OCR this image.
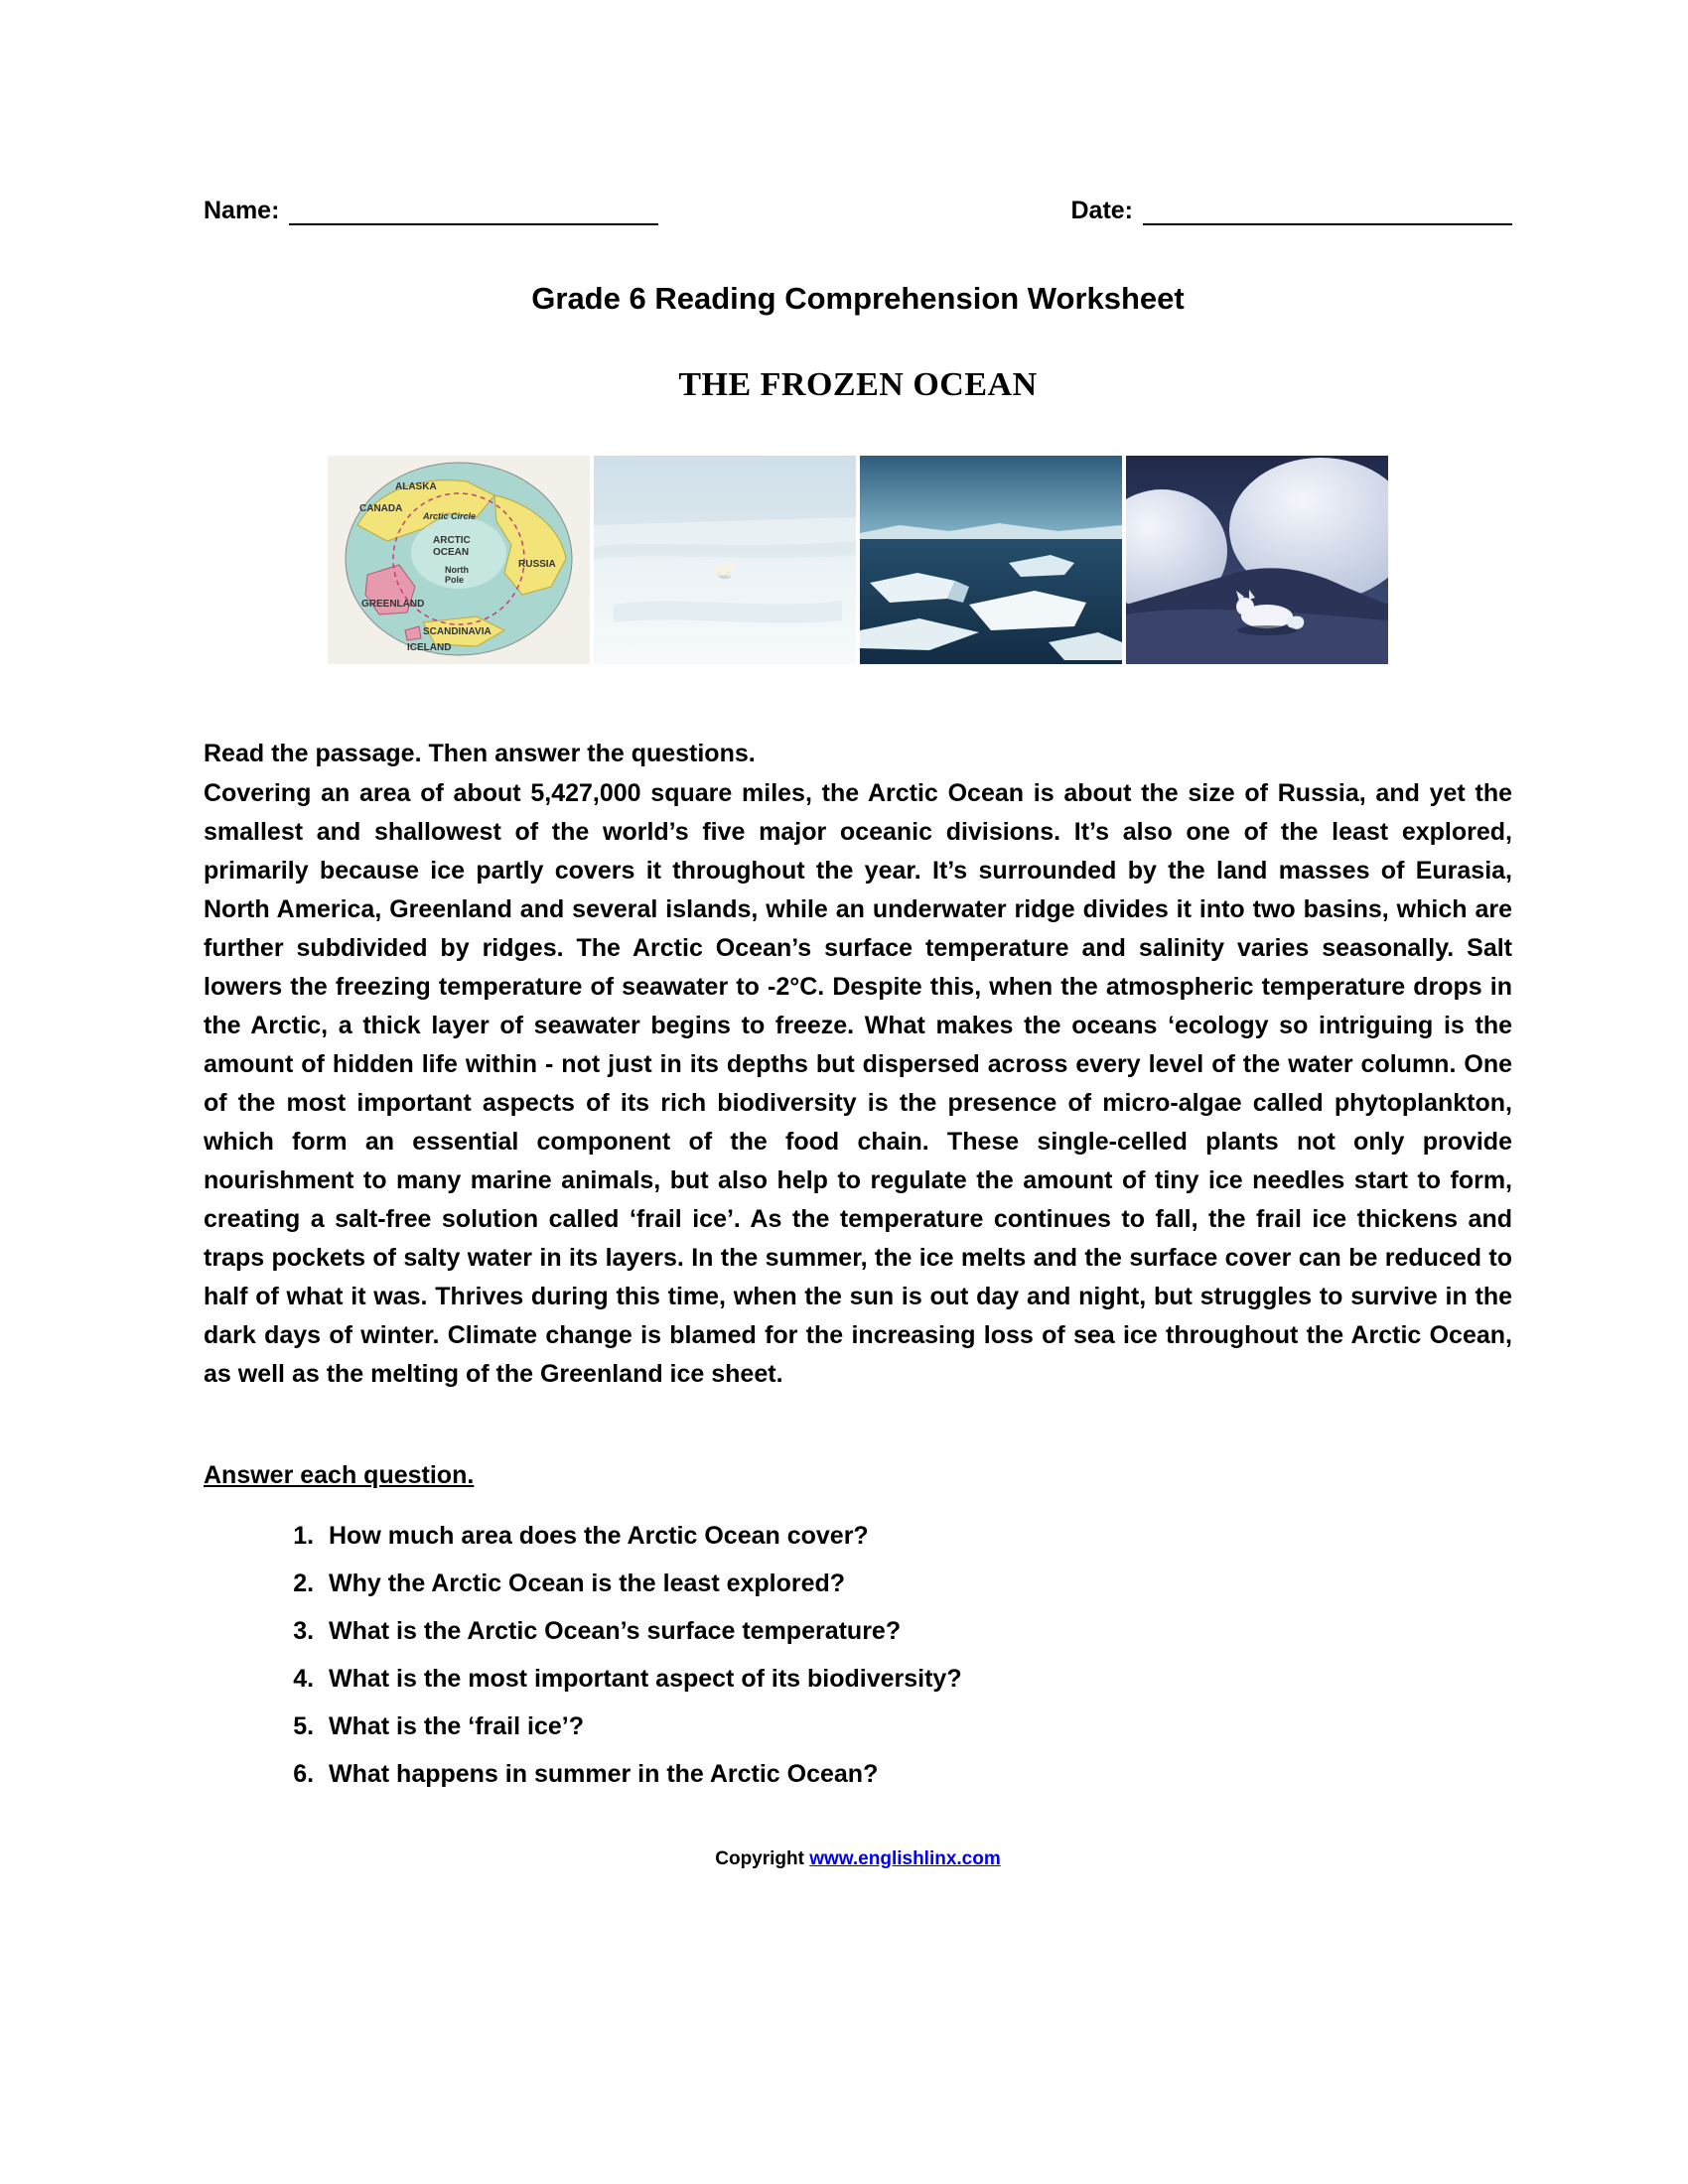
Name:	Date:
Grade 6 Reading Comprehension Worksheet
THE FROZEN OCEAN
ALASKA
CANADA
Arctic Circle
ARCTIC
OCEAN
North
Pole
RUSSIA
GREENLAND
SCANDINAVIA
ICELAND
Read the passage. Then answer the questions.
Covering an area of about 5,427,000 square miles, the Arctic Ocean is about the size of Russia, and yet the smallest and shallowest of the world’s five major oceanic divisions. It’s also one of the least explored, primarily because ice partly covers it throughout the year. It’s surrounded by the land masses of Eurasia, North America, Greenland and several islands, while an underwater ridge divides it into two basins, which are further subdivided by ridges. The Arctic Ocean’s surface temperature and salinity varies seasonally. Salt lowers the freezing temperature of seawater to -2°C. Despite this, when the atmospheric temperature drops in the Arctic, a thick layer of seawater begins to freeze. What makes the oceans ‘ecology so intriguing is the amount of hidden life within - not just in its depths but dispersed across every level of the water column. One of the most important aspects of its rich biodiversity is the presence of micro-algae called phytoplankton, which form an essential component of the food chain. These single-celled plants not only provide nourishment to many marine animals, but also help to regulate the amount of tiny ice needles start to form, creating a salt-free solution called ‘frail ice’. As the temperature continues to fall, the frail ice thickens and traps pockets of salty water in its layers. In the summer, the ice melts and the surface cover can be reduced to half of what it was. Thrives during this time, when the sun is out day and night, but struggles to survive in the dark days of winter. Climate change is blamed for the increasing loss of sea ice throughout the Arctic Ocean, as well as the melting of the Greenland ice sheet.
Answer each question.
1. How much area does the Arctic Ocean cover?
2. Why the Arctic Ocean is the least explored?
3. What is the Arctic Ocean’s surface temperature?
4. What is the most important aspect of its biodiversity?
5. What is the ‘frail ice’?
6. What happens in summer in the Arctic Ocean?
Copyright www.englishlinx.com
